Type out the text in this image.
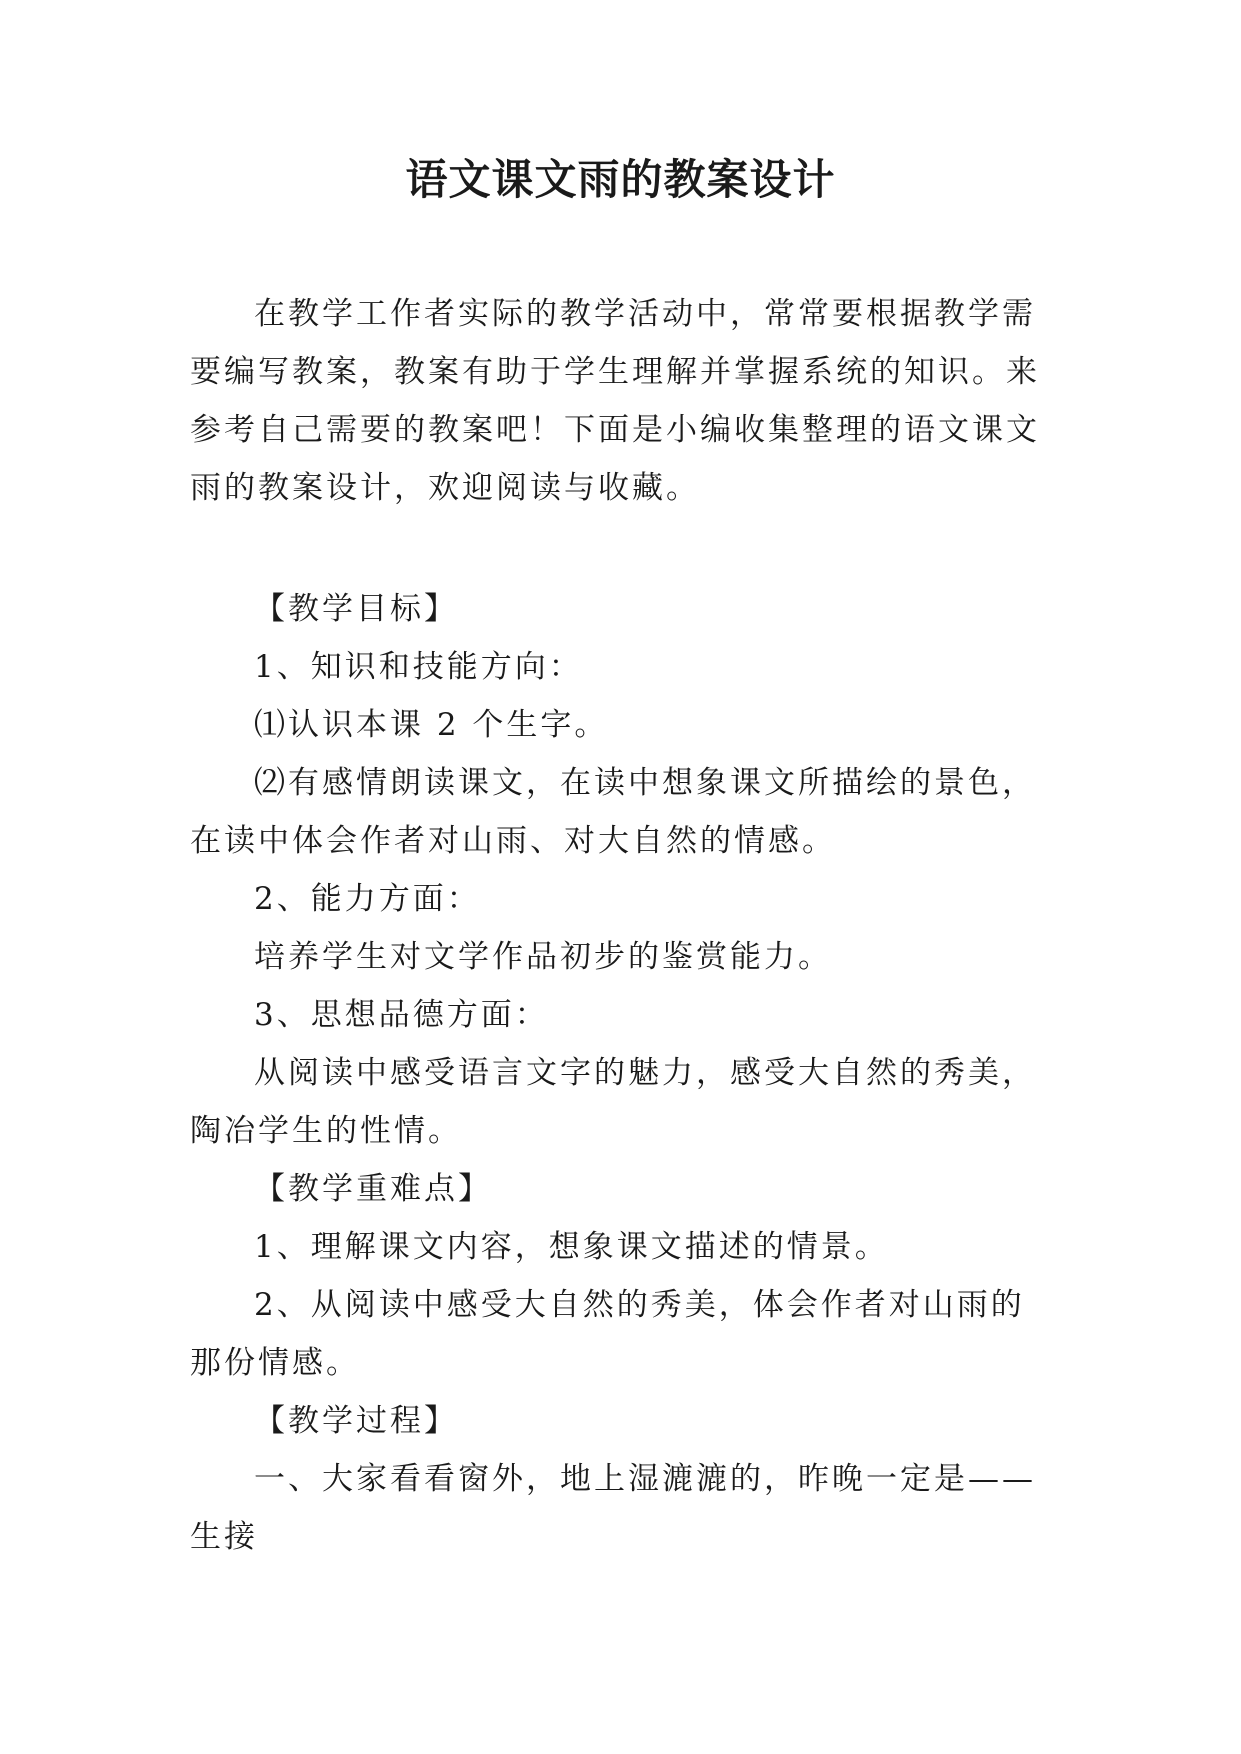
语文课文雨的教案设计

在教学工作者实际的教学活动中，常常要根据教学需要编写教案，教案有助于学生理解并掌握系统的知识。来参考自己需要的教案吧！下面是小编收集整理的语文课文雨的教案设计，欢迎阅读与收藏。

【教学目标】

1、知识和技能方向：

⑴认识本课 2 个生字。

⑵有感情朗读课文，在读中想象课文所描绘的景色，在读中体会作者对山雨、对大自然的情感。

2、能力方面：

培养学生对文学作品初步的鉴赏能力。

3、思想品德方面：

从阅读中感受语言文字的魅力，感受大自然的秀美，陶冶学生的性情。

【教学重难点】

1、理解课文内容，想象课文描述的情景。

2、从阅读中感受大自然的秀美，体会作者对山雨的那份情感。

【教学过程】

一、大家看看窗外，地上湿漉漉的，昨晚一定是——生接
